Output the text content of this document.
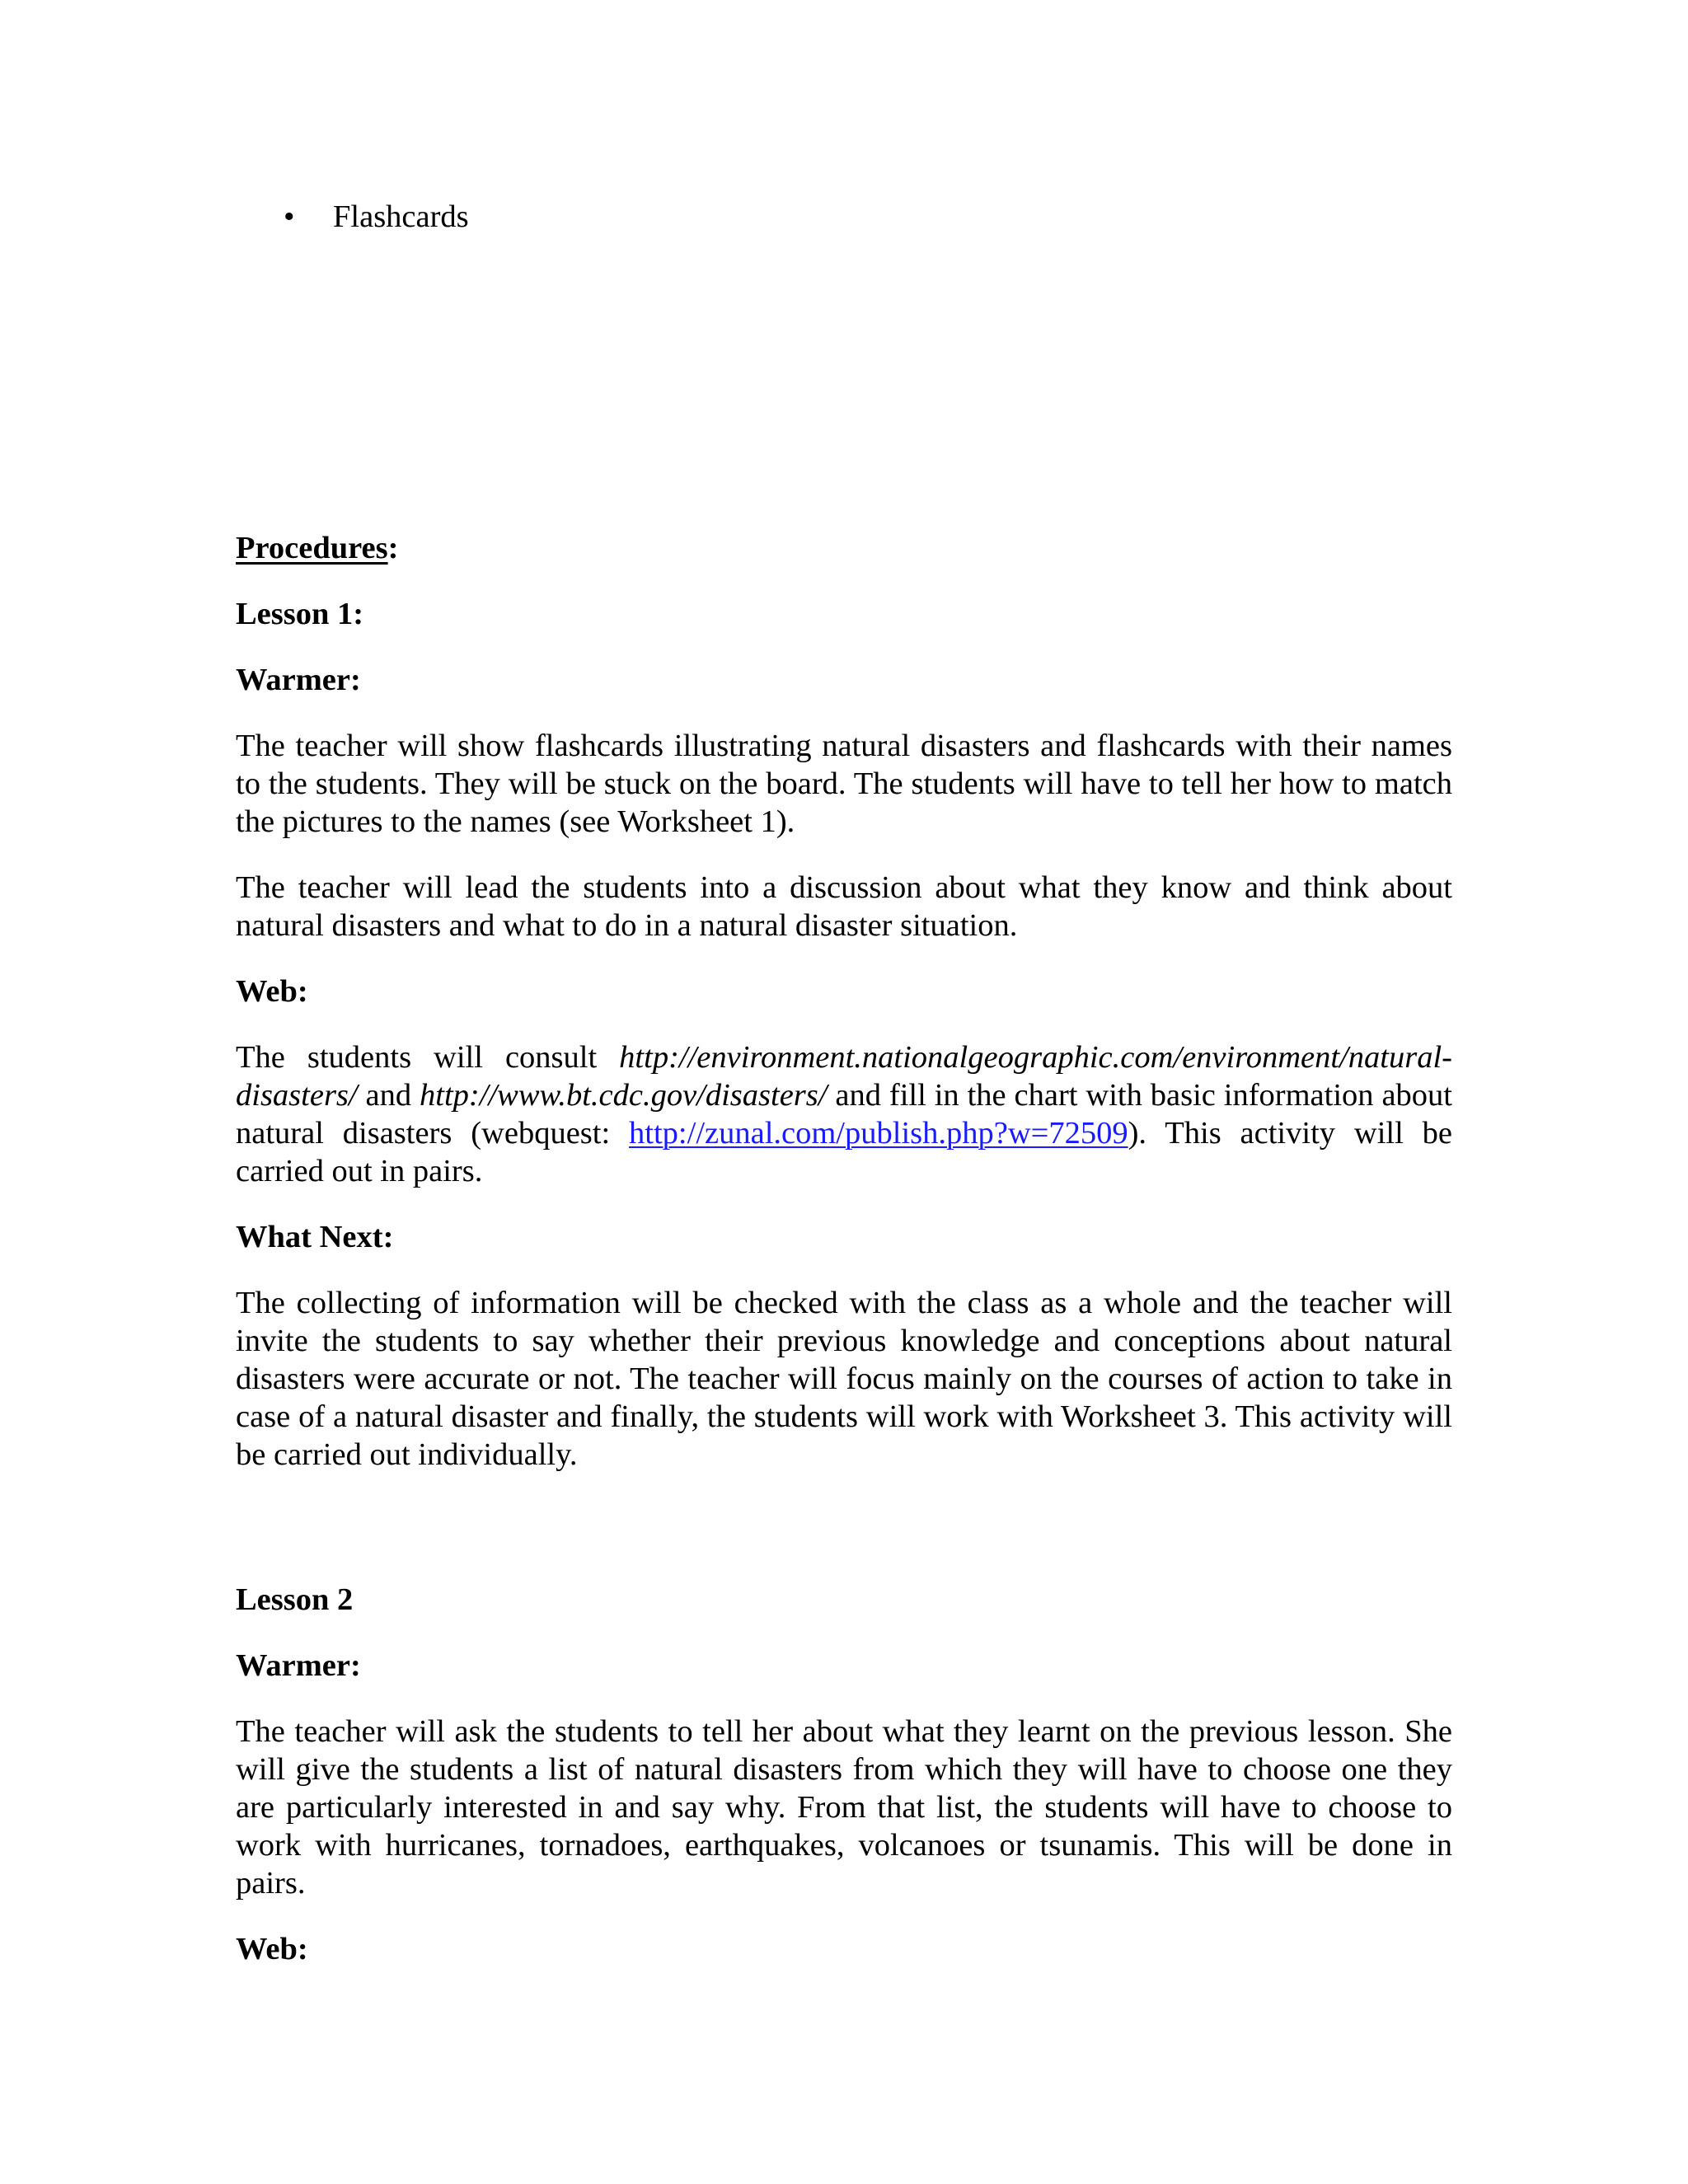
•	Flashcards

Procedures:

Lesson 1:

Warmer:

The teacher will show flashcards illustrating natural disasters and flashcards with their names to the students. They will be stuck on the board. The students will have to tell her how to match the pictures to the names (see Worksheet 1).

The teacher will lead the students into a discussion about what they know and think about natural disasters and what to do in a natural disaster situation.

Web:

The students will consult http://environment.nationalgeographic.com/environment/natural-disasters/ and http://www.bt.cdc.gov/disasters/ and fill in the chart with basic information about natural disasters (webquest: http://zunal.com/publish.php?w=72509). This activity will be carried out in pairs.

What Next:

The collecting of information will be checked with the class as a whole and the teacher will invite the students to say whether their previous knowledge and conceptions about natural disasters were accurate or not. The teacher will focus mainly on the courses of action to take in case of a natural disaster and finally, the students will work with Worksheet 3. This activity will be carried out individually.

Lesson 2

Warmer:

The teacher will ask the students to tell her about what they learnt on the previous lesson. She will give the students a list of natural disasters from which they will have to choose one they are particularly interested in and say why. From that list, the students will have to choose to work with hurricanes, tornadoes, earthquakes, volcanoes or tsunamis. This will be done in pairs.

Web:
